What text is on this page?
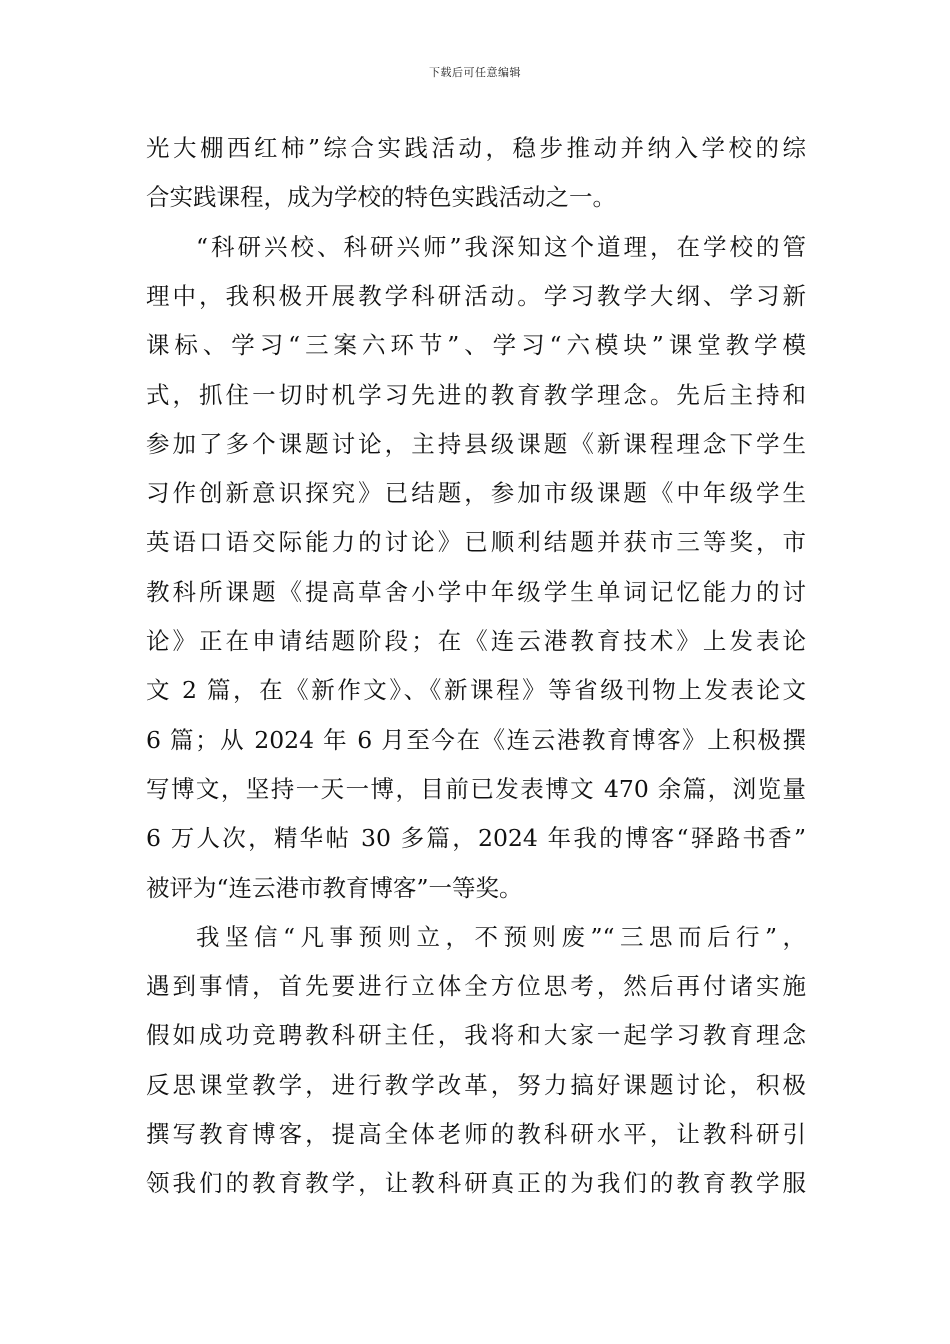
下载后可任意编辑
光大棚西红柿”综合实践活动，稳步推动并纳入学校的综
合实践课程，成为学校的特色实践活动之一。
“科研兴校、科研兴师”我深知这个道理，在学校的管
理中，我积极开展教学科研活动。学习教学大纲、学习新
课标、学习“三案六环节”、学习“六模块”课堂教学模
式，抓住一切时机学习先进的教育教学理念。先后主持和
参加了多个课题讨论，主持县级课题《新课程理念下学生
习作创新意识探究》已结题，参加市级课题《中年级学生
英语口语交际能力的讨论》已顺利结题并获市三等奖，市
教科所课题《提高草舍小学中年级学生单词记忆能力的讨
论》正在申请结题阶段；在《连云港教育技术》上发表论
文 2 篇，在《新作文》、《新课程》等省级刊物上发表论文
6 篇；从 2024 年 6 月至今在《连云港教育博客》上积极撰
写博文，坚持一天一博，目前已发表博文 470 余篇，浏览量
6 万人次，精华帖 30 多篇，2024 年我的博客“驿路书香”
被评为“连云港市教育博客”一等奖。
我坚信“凡事预则立，不预则废”“三思而后行”，
遇到事情，首先要进行立体全方位思考，然后再付诸实施
假如成功竞聘教科研主任，我将和大家一起学习教育理念
反思课堂教学，进行教学改革，努力搞好课题讨论，积极
撰写教育博客，提高全体老师的教科研水平，让教科研引
领我们的教育教学，让教科研真正的为我们的教育教学服
